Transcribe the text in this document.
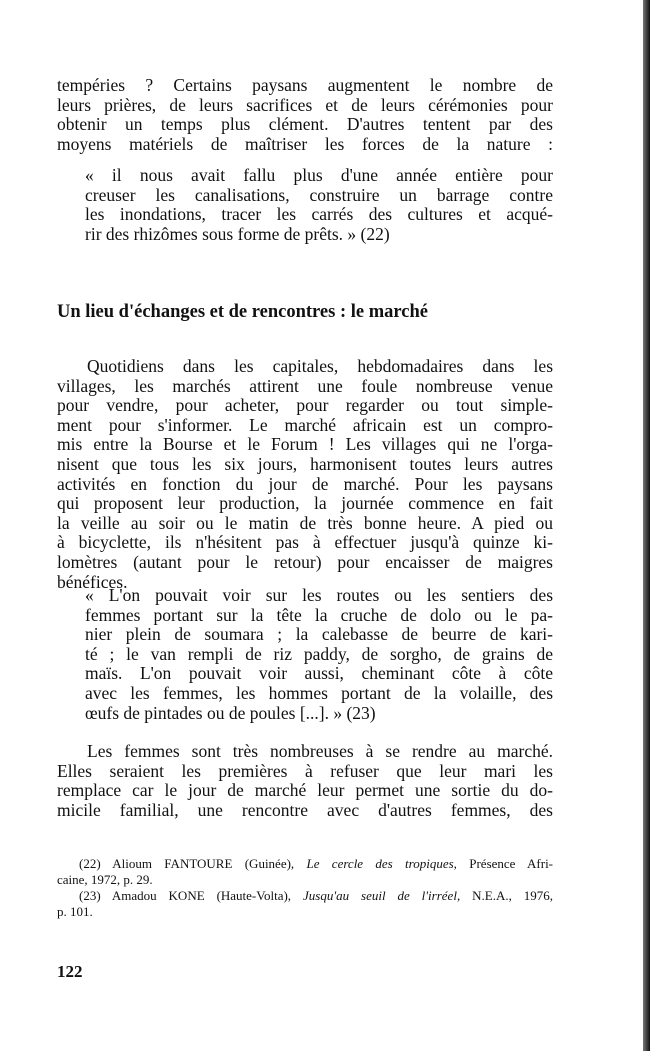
tempéries ? Certains paysans augmentent le nombre de
leurs prières, de leurs sacrifices et de leurs cérémonies pour
obtenir un temps plus clément. D'autres tentent par des
moyens matériels de maîtriser les forces de la nature :
« il nous avait fallu plus d'une année entière pour
creuser les canalisations, construire un barrage contre
les inondations, tracer les carrés des cultures et acqué-
rir des rhizômes sous forme de prêts. » (22)
Un lieu d'échanges et de rencontres : le marché
Quotidiens dans les capitales, hebdomadaires dans les
villages, les marchés attirent une foule nombreuse venue
pour vendre, pour acheter, pour regarder ou tout simple-
ment pour s'informer. Le marché africain est un compro-
mis entre la Bourse et le Forum ! Les villages qui ne l'orga-
nisent que tous les six jours, harmonisent toutes leurs autres
activités en fonction du jour de marché. Pour les paysans
qui proposent leur production, la journée commence en fait
la veille au soir ou le matin de très bonne heure. A pied ou
à bicyclette, ils n'hésitent pas à effectuer jusqu'à quinze ki-
lomètres (autant pour le retour) pour encaisser de maigres
bénéfices.
« L'on pouvait voir sur les routes ou les sentiers des
femmes portant sur la tête la cruche de dolo ou le pa-
nier plein de soumara ; la calebasse de beurre de kari-
té ; le van rempli de riz paddy, de sorgho, de grains de
maïs. L'on pouvait voir aussi, cheminant côte à côte
avec les femmes, les hommes portant de la volaille, des
œufs de pintades ou de poules [...]. » (23)
Les femmes sont très nombreuses à se rendre au marché.
Elles seraient les premières à refuser que leur mari les
remplace car le jour de marché leur permet une sortie du do-
micile familial, une rencontre avec d'autres femmes, des
(22) Alioum FANTOURE (Guinée), Le cercle des tropiques, Présence Afri-
caine, 1972, p. 29.
(23) Amadou KONE (Haute-Volta), Jusqu'au seuil de l'irréel, N.E.A., 1976,
p. 101.
122
